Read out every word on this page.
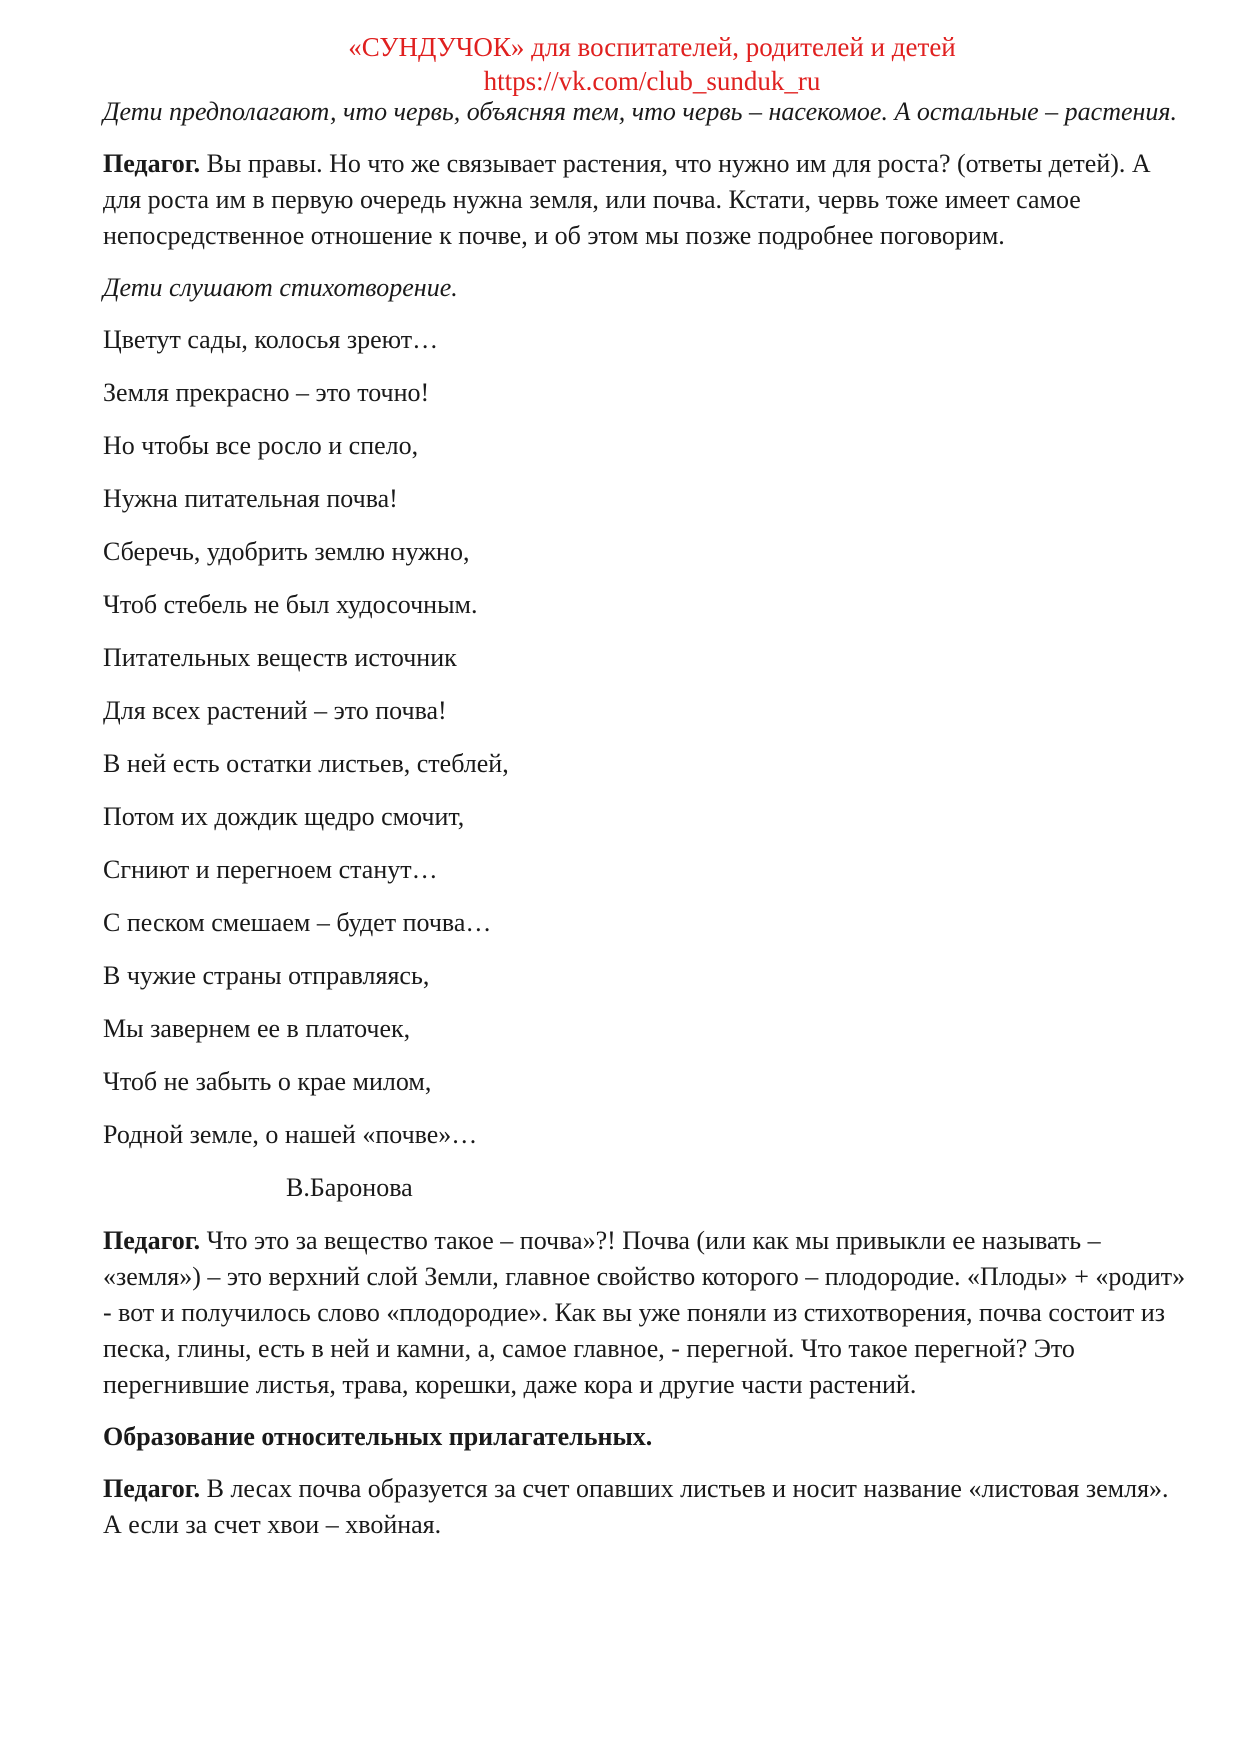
«СУНДУЧОК» для воспитателей, родителей и детей
https://vk.com/club_sunduk_ru

Дети предполагают, что червь, объясняя тем, что червь – насекомое. А остальные – растения.

Педагог. Вы правы. Но что же связывает растения, что нужно им для роста? (ответы детей). А для роста им в первую очередь нужна земля, или почва. Кстати, червь тоже имеет самое непосредственное отношение к почве, и об этом мы позже подробнее поговорим.

Дети слушают стихотворение.

Цветут сады, колосья зреют…

Земля прекрасно – это точно!

Но чтобы все росло и спело,

Нужна питательная почва!

Сберечь, удобрить землю нужно,

Чтоб стебель не был худосочным.

Питательных веществ источник

Для всех растений – это почва!

В ней есть остатки листьев, стеблей,

Потом их дождик щедро смочит,

Сгниют и перегноем станут…

С песком смешаем – будет почва…

В чужие страны отправляясь,

Мы завернем ее в платочек,

Чтоб не забыть о крае милом,

Родной земле, о нашей «почве»…

В.Баронова

Педагог. Что это за вещество такое – почва»?! Почва (или как мы привыкли ее называть – «земля») – это верхний слой Земли, главное свойство которого – плодородие. «Плоды» + «родит» - вот и получилось слово «плодородие». Как вы уже поняли из стихотворения, почва состоит из песка, глины, есть в ней и камни, а, самое главное, - перегной. Что такое перегной? Это перегнившие листья, трава, корешки, даже кора и другие части растений.

Образование относительных прилагательных.

Педагог. В лесах почва образуется за счет опавших листьев и носит название «листовая земля». А если за счет хвои – хвойная.
